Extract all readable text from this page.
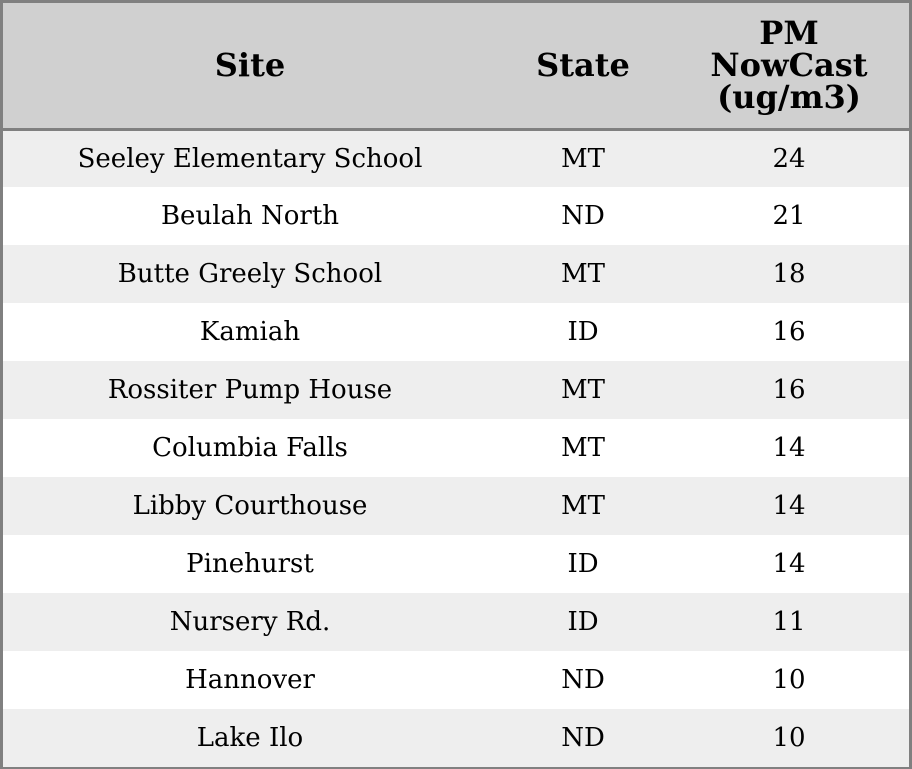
Site	State	PM
NowCast
(ug/m3)
Seeley Elementary School	MT	24
Beulah North	ND	21
Butte Greely School	MT	18
Kamiah	ID	16
Rossiter Pump House	MT	16
Columbia Falls	MT	14
Libby Courthouse	MT	14
Pinehurst	ID	14
Nursery Rd.	ID	11
Hannover	ND	10
Lake Ilo	ND	10
